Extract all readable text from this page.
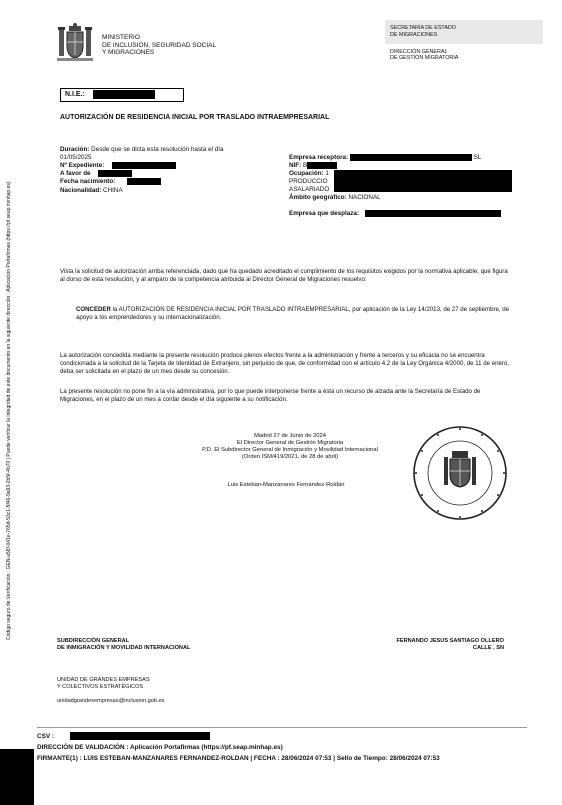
MINISTERIO
DE INCLUSIÓN, SEGURIDAD SOCIAL
Y MIGRACIONES
SECRETARÍA DE ESTADO
DE MIGRACIONES
DIRECCIÓN GENERAL
DE GESTIÓN MIGRATORIA
Código seguro de Verificación : GEN-a58f-041e-765d-53c1-5f46-9a93-2b5f-4b70 | Puede verificar la integridad de este documento en la siguiente dirección : Aplicación Portafirmas (https://pf.seap.minhap.es)
N.I.E.:
AUTORIZACIÓN DE RESIDENCIA INICIAL POR TRASLADO INTRAEMPRESARIAL
Duración: Desde que se dicta esta resolución hasta el día
01/05/2025
Nº Expediente:
A favor de
Fecha nacimiento:
Nacionalidad: CHINA
Empresa receptora:	SL
NIF: B
Ocupación: 1
PRODUCCIO
ASALARIADO
Ámbito geográfico: NACIONAL
Empresa que desplaza:
Vista la solicitud de autorización arriba referenciada, dado que ha quedado acreditado el cumplimiento de los requisitos exigidos por la normativa aplicable, que figura al dorso de esta resolución, y al amparo de la competencia atribuida al Director General de Migraciones resuelvo:
CONCEDER la AUTORIZACIÓN DE RESIDENCIA INICIAL POR TRASLADO INTRAEMPRESARIAL, por aplicación de la Ley 14/2013, de 27 de septiembre, de apoyo a los emprendedores y su internacionalización.
La autorización concedida mediante la presente resolución produce plenos efectos frente a la administración y frente a terceros y su eficacia no se encuentra condicionada a la solicitud de la Tarjeta de Identidad de Extranjero, sin perjuicio de que, de conformidad con el artículo 4.2 de la Ley Orgánica 4/2000, de 11 de enero, deba ser solicitada en el plazo de un mes desde su concesión.
La presente resolución no pone fin a la vía administrativa, por lo que puede interponerse frente a ésta un recurso de alzada ante la Secretaría de Estado de Migraciones, en el plazo de un mes a contar desde el día siguiente a su notificación.
Madrid 27 de Junio de 2024
El Director General de Gestión Migratoria
P.D. El Subdirector General de Inmigración y Movilidad Internacional
(Orden ISM/419/2021, de 28 de abril)
Luis Esteban-Manzanares Fernández-Roldán
SUBDIRECCIÓN GENERAL
DE INMIGRACIÓN Y MOVILIDAD INTERNACIONAL
UNIDAD DE GRANDES EMPRESAS
Y COLECTIVOS ESTRATÉGICOS
unidadgrandesempresas@inclusion.gob.es
FERNANDO JESUS SANTIAGO OLLERO
CALLE , SN
CSV :
DIRECCIÓN DE VALIDACIÓN : Aplicación Portafirmas (https://pf.seap.minhap.es)
FIRMANTE(1) : LUIS ESTEBAN-MANZANARES FERNANDEZ-ROLDAN | FECHA : 28/06/2024 07:53 | Sello de Tiempo: 28/06/2024 07:53
